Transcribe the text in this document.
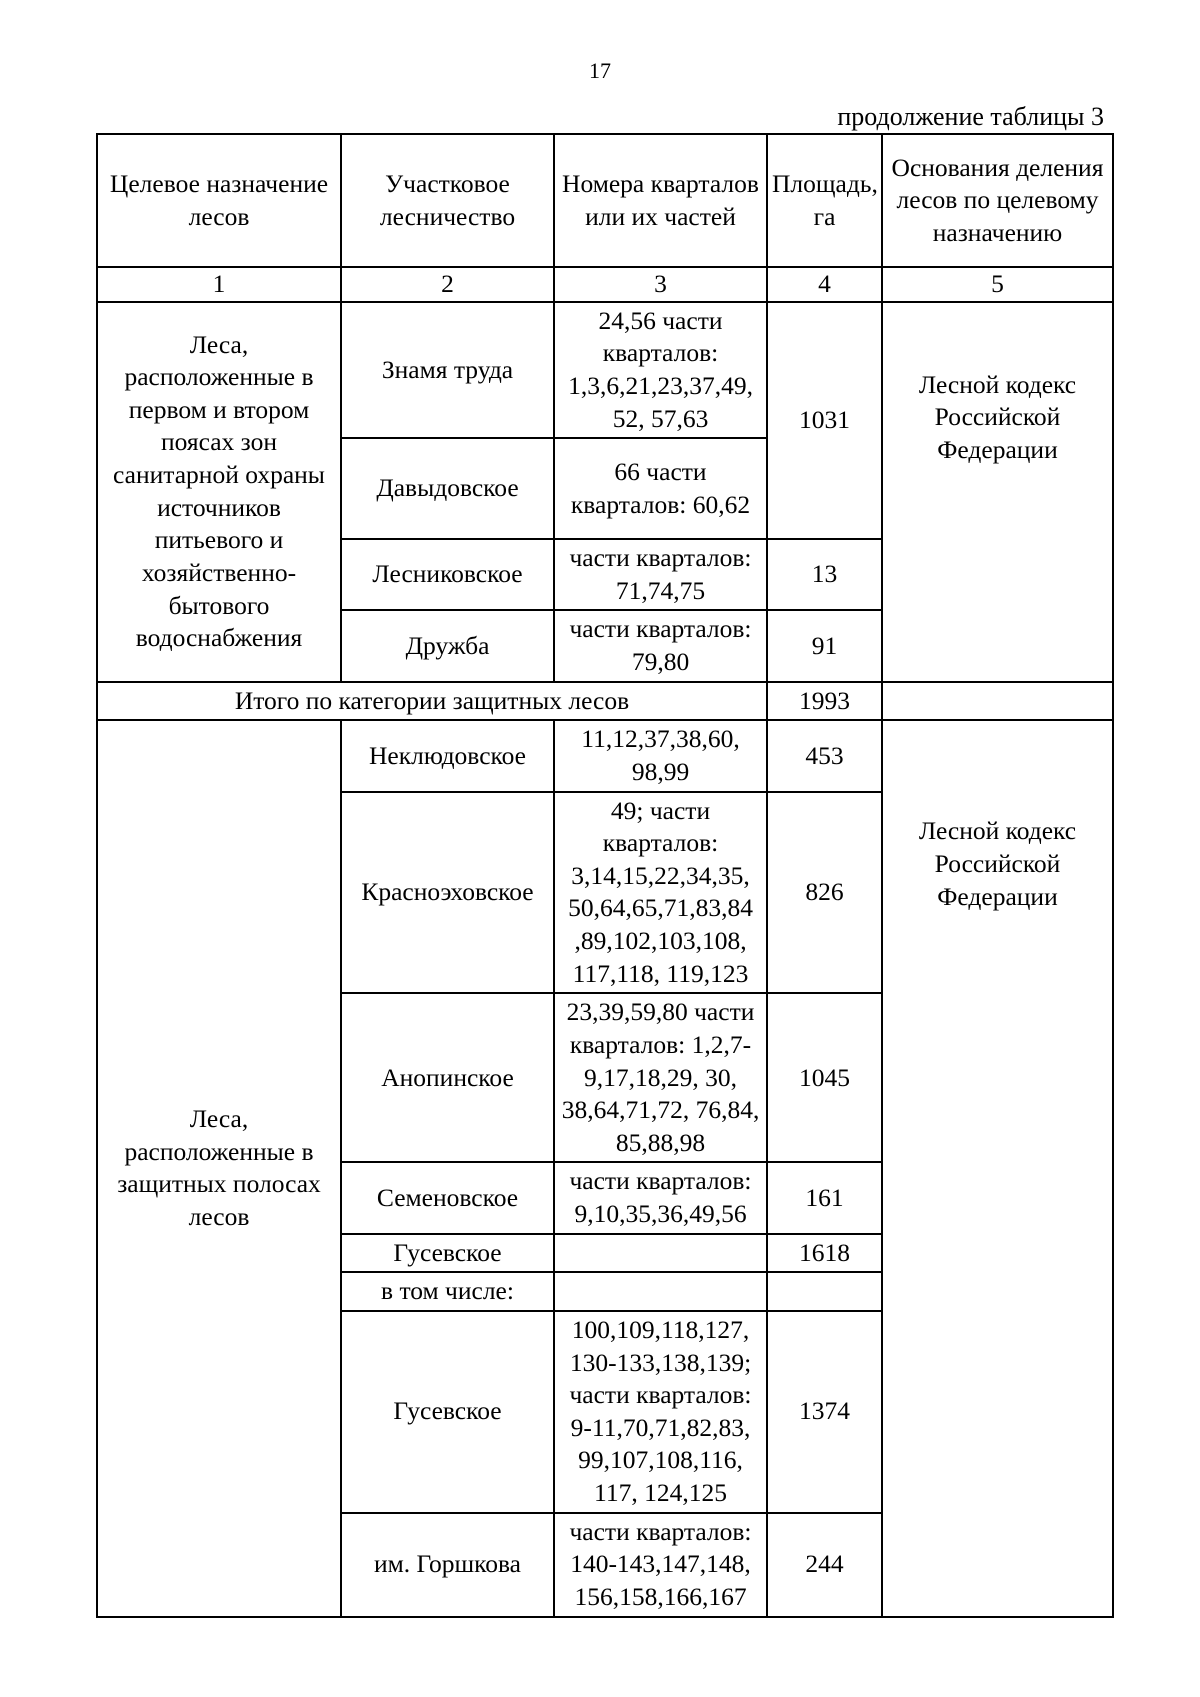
17
продолжение таблицы 3
Целевое назначение лесов	Участковое лесничество	Номера кварталов или их частей	Площадь, га	Основания деления лесов по целевому назначению
1	2	3	4	5
Леса, расположенные в первом и втором поясах зон санитарной охраны источников питьевого и хозяйственно-бытового водоснабжения	Знамя труда	24,56 части кварталов: 1,3,6,21,23,37,49, 52, 57,63	1031	Лесной кодекс Российской Федерации
	Давыдовское	66 части кварталов: 60,62		
	Лесниковское	части кварталов: 71,74,75	13	
	Дружба	части кварталов: 79,80	91	
Итого по категории защитных лесов			1993	
Леса, расположенные в защитных полосах лесов	Неклюдовское	11,12,37,38,60, 98,99	453	Лесной кодекс Российской Федерации
	Красноэховское	49; части кварталов: 3,14,15,22,34,35, 50,64,65,71,83,84 ,89,102,103,108, 117,118, 119,123	826	
	Анопинское	23,39,59,80 части кварталов: 1,2,7-9,17,18,29, 30, 38,64,71,72, 76,84, 85,88,98	1045	
	Семеновское	части кварталов: 9,10,35,36,49,56	161	
	Гусевское		1618	
	в том числе:			
	Гусевское	100,109,118,127, 130-133,138,139; части кварталов: 9-11,70,71,82,83, 99,107,108,116, 117, 124,125	1374	
	им. Горшкова	части кварталов: 140-143,147,148, 156,158,166,167	244	
